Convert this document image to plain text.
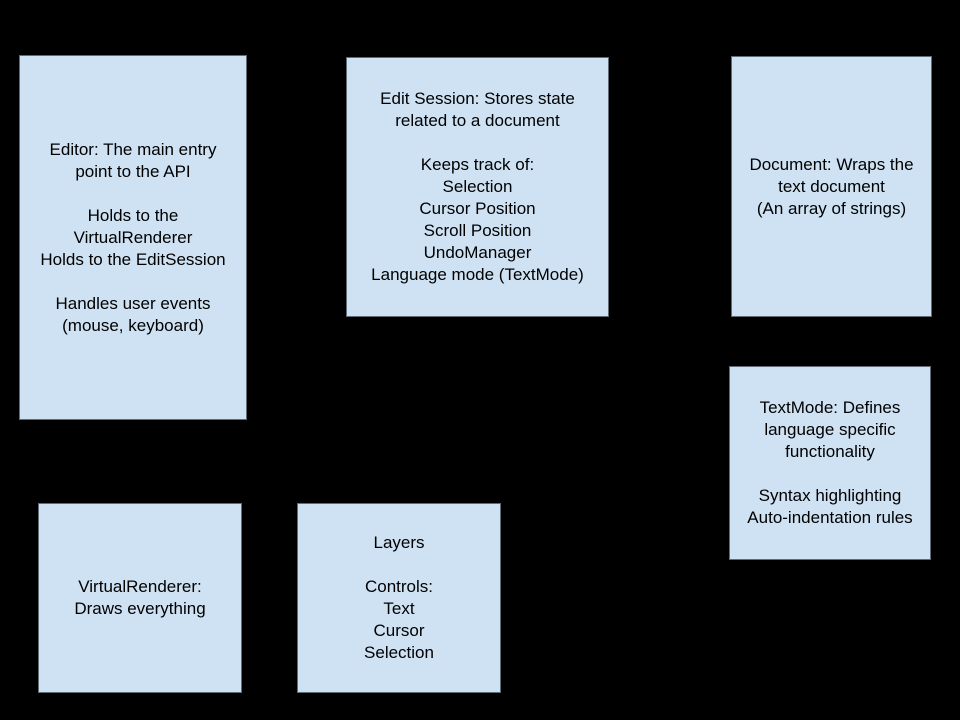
Editor: The main entry
point to the API
Holds to the
VirtualRenderer
Holds to the EditSession
Handles user events
(mouse, keyboard)
Edit Session: Stores state
related to a document
Keeps track of:
Selection
Cursor Position
Scroll Position
UndoManager
Language mode (TextMode)
Document: Wraps the
text document
(An array of strings)
TextMode: Defines
language specific
functionality
Syntax highlighting
Auto-indentation rules
VirtualRenderer:
Draws everything
Layers
Controls:
Text
Cursor
Selection
